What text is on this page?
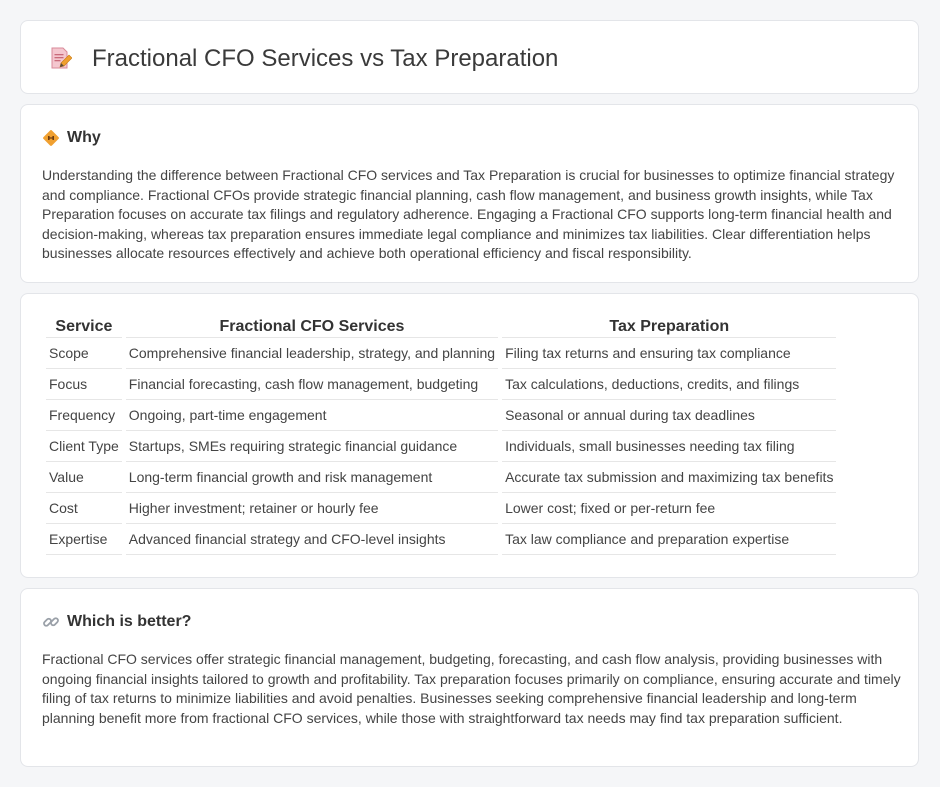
Fractional CFO Services vs Tax Preparation
Why

Understanding the difference between Fractional CFO services and Tax Preparation is crucial for businesses to optimize financial strategy and compliance. Fractional CFOs provide strategic financial planning, cash flow management, and business growth insights, while Tax Preparation focuses on accurate tax filings and regulatory adherence. Engaging a Fractional CFO supports long-term financial health and decision-making, whereas tax preparation ensures immediate legal compliance and minimizes tax liabilities. Clear differentiation helps businesses allocate resources effectively and achieve both operational efficiency and fiscal responsibility.

Service	Fractional CFO Services	Tax Preparation
Scope	Comprehensive financial leadership, strategy, and planning	Filing tax returns and ensuring tax compliance
Focus	Financial forecasting, cash flow management, budgeting	Tax calculations, deductions, credits, and filings
Frequency	Ongoing, part-time engagement	Seasonal or annual during tax deadlines
Client Type	Startups, SMEs requiring strategic financial guidance	Individuals, small businesses needing tax filing
Value	Long-term financial growth and risk management	Accurate tax submission and maximizing tax benefits
Cost	Higher investment; retainer or hourly fee	Lower cost; fixed or per-return fee
Expertise	Advanced financial strategy and CFO-level insights	Tax law compliance and preparation expertise
Which is better?

Fractional CFO services offer strategic financial management, budgeting, forecasting, and cash flow analysis, providing businesses with ongoing financial insights tailored to growth and profitability. Tax preparation focuses primarily on compliance, ensuring accurate and timely filing of tax returns to minimize liabilities and avoid penalties. Businesses seeking comprehensive financial leadership and long-term planning benefit more from fractional CFO services, while those with straightforward tax needs may find tax preparation sufficient.
